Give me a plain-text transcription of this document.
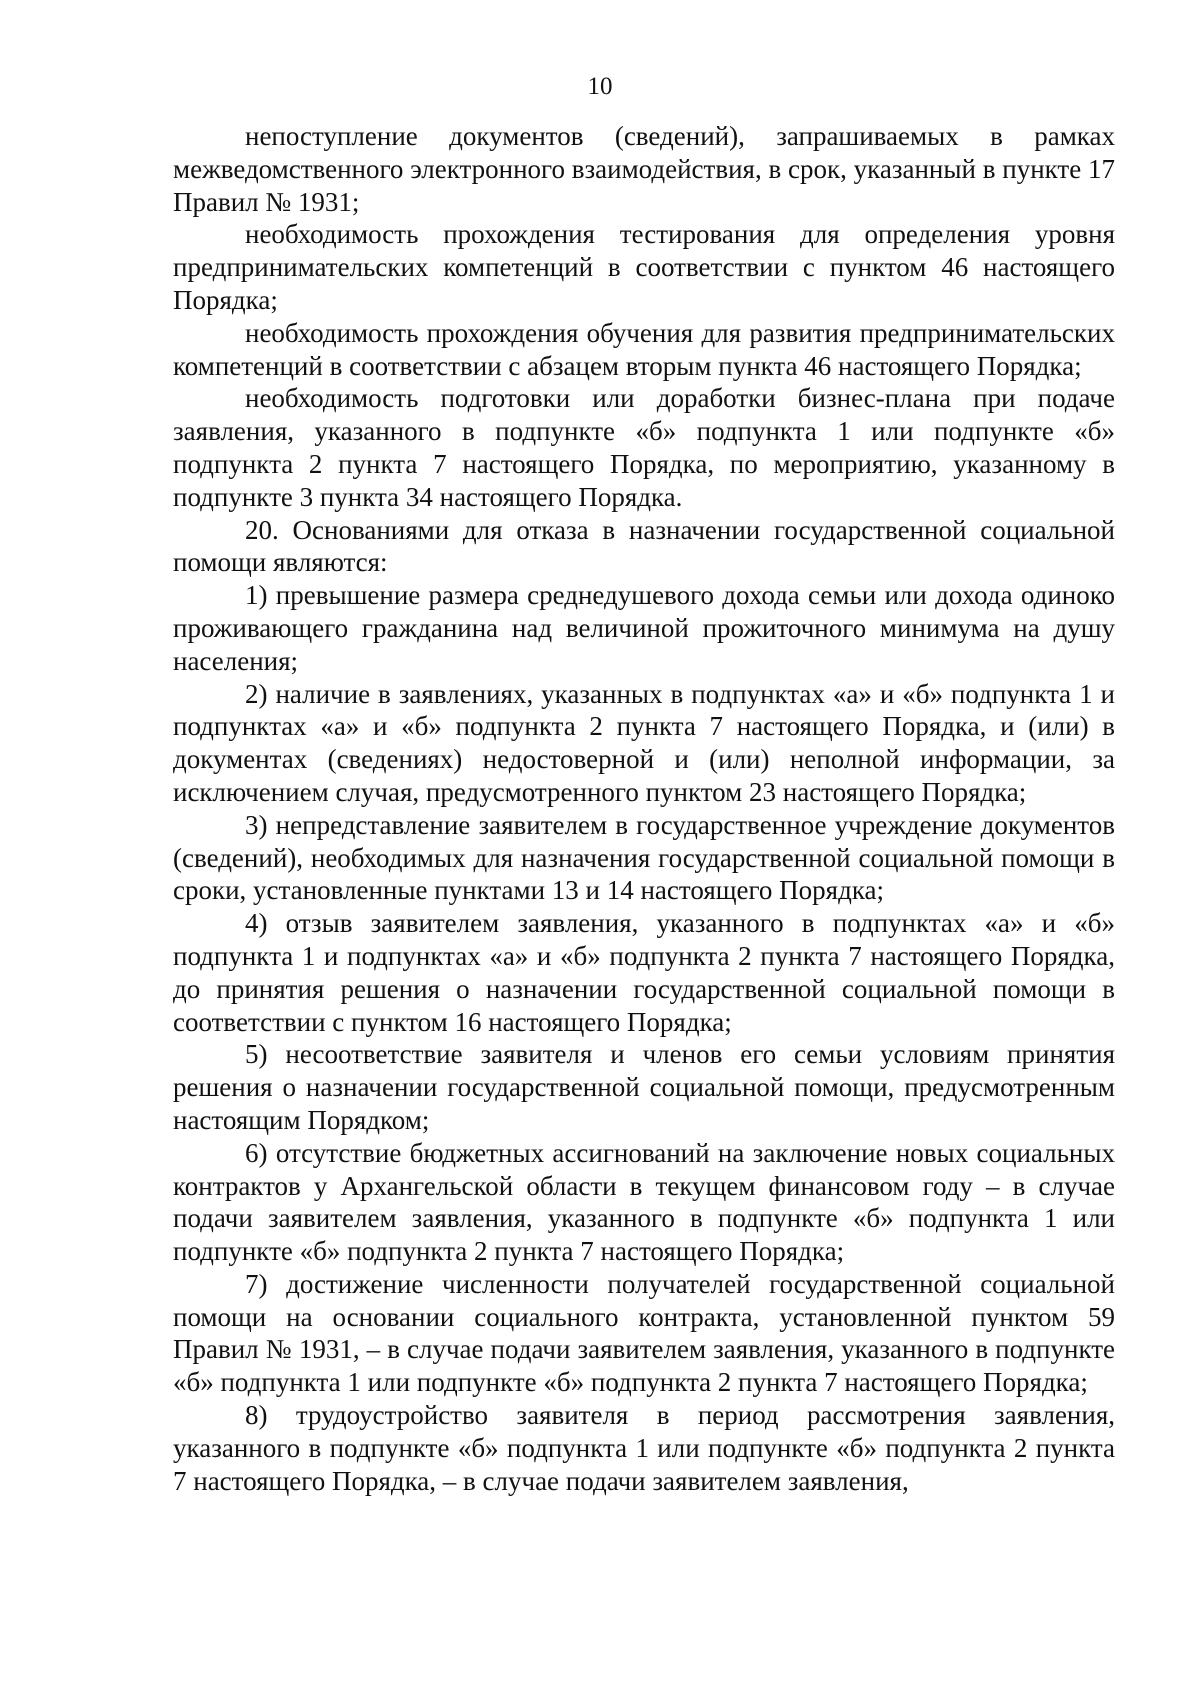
10

непоступление документов (сведений), запрашиваемых в рамках межведомственного электронного взаимодействия, в срок, указанный в пункте 17 Правил № 1931;

необходимость прохождения тестирования для определения уровня предпринимательских компетенций в соответствии с пунктом 46 настоящего Порядка;

необходимость прохождения обучения для развития предпринимательских компетенций в соответствии с абзацем вторым пункта 46 настоящего Порядка;

необходимость подготовки или доработки бизнес-плана при подаче заявления, указанного в подпункте «б» подпункта 1 или подпункте «б» подпункта 2 пункта 7 настоящего Порядка, по мероприятию, указанному в подпункте 3 пункта 34 настоящего Порядка.

20. Основаниями для отказа в назначении государственной социальной помощи являются:

1) превышение размера среднедушевого дохода семьи или дохода одиноко проживающего гражданина над величиной прожиточного минимума на душу населения;

2) наличие в заявлениях, указанных в подпунктах «а» и «б» подпункта 1 и подпунктах «а» и «б» подпункта 2 пункта 7 настоящего Порядка, и (или) в документах (сведениях) недостоверной и (или) неполной информации, за исключением случая, предусмотренного пунктом 23 настоящего Порядка;

3) непредставление заявителем в государственное учреждение документов (сведений), необходимых для назначения государственной социальной помощи в сроки, установленные пунктами 13 и 14 настоящего Порядка;

4) отзыв заявителем заявления, указанного в подпунктах «а» и «б» подпункта 1 и подпунктах «а» и «б» подпункта 2 пункта 7 настоящего Порядка, до принятия решения о назначении государственной социальной помощи в соответствии с пунктом 16 настоящего Порядка;

5) несоответствие заявителя и членов его семьи условиям принятия решения о назначении государственной социальной помощи, предусмотренным настоящим Порядком;

6) отсутствие бюджетных ассигнований на заключение новых социальных контрактов у Архангельской области в текущем финансовом году – в случае подачи заявителем заявления, указанного в подпункте «б» подпункта 1 или подпункте «б» подпункта 2 пункта 7 настоящего Порядка;

7) достижение численности получателей государственной социальной помощи на основании социального контракта, установленной пунктом 59 Правил № 1931, – в случае подачи заявителем заявления, указанного в подпункте «б» подпункта 1 или подпункте «б» подпункта 2 пункта 7 настоящего Порядка;

8) трудоустройство заявителя в период рассмотрения заявления, указанного в подпункте «б» подпункта 1 или подпункте «б» подпункта 2 пункта 7 настоящего Порядка, – в случае подачи заявителем заявления,
